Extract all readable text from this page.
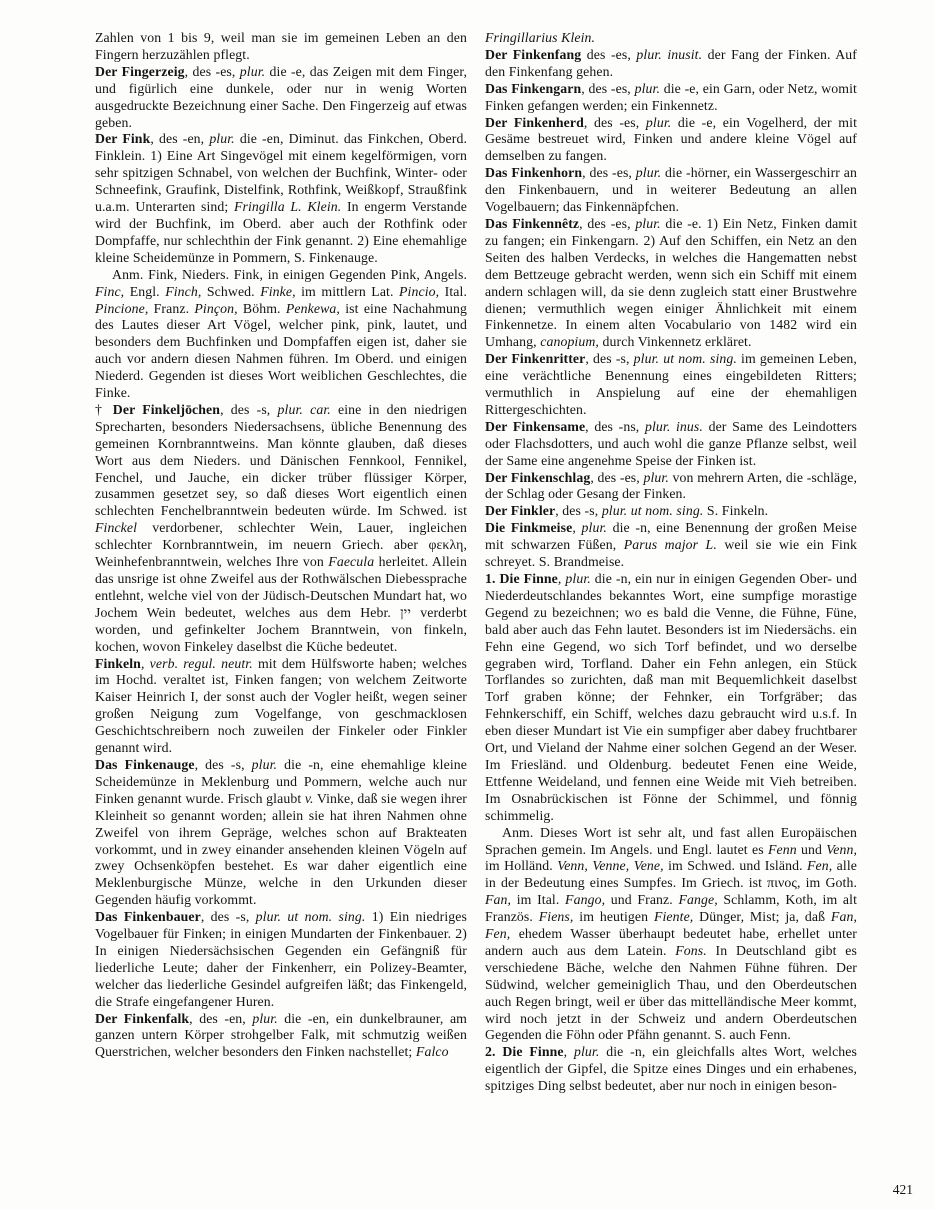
Zahlen von 1 bis 9, weil man sie im gemeinen Leben an den Fingern herzuzählen pflegt.

Der Fingerzeig, des -es, plur. die -e, das Zeigen mit dem Finger, und figürlich eine dunkele, oder nur in wenig Worten ausgedruckte Bezeichnung einer Sache. Den Fingerzeig auf etwas geben.

Der Fink, des -en, plur. die -en, Diminut. das Finkchen, Oberd. Finklein. 1) Eine Art Singevögel mit einem kegelförmigen, vorn sehr spitzigen Schnabel, von welchen der Buchfink, Winter- oder Schneefink, Graufink, Distelfink, Rothfink, Weißkopf, Straußfink u.a.m. Unterarten sind; Fringilla L. Klein. In engerm Verstande wird der Buchfink, im Oberd. aber auch der Rothfink oder Dompfaffe, nur schlechthin der Fink genannt. 2) Eine ehemahlige kleine Scheidemünze in Pommern, S. Finkenauge.

Anm. Fink, Nieders. Fink, in einigen Gegenden Pink, Angels. Finc, Engl. Finch, Schwed. Finke, im mittlern Lat. Pincio, Ital. Pincione, Franz. Pinçon, Böhm. Penkewa, ist eine Nachahmung des Lautes dieser Art Vögel, welcher pink, pink, lautet, und besonders dem Buchfinken und Dompfaffen eigen ist, daher sie auch vor andern diesen Nahmen führen. Im Oberd. und einigen Niederd. Gegenden ist dieses Wort weiblichen Geschlechtes, die Finke.

† Der Finkeljōchen, des -s, plur. car. eine in den niedrigen Sprecharten, besonders Niedersachsens, übliche Benennung des gemeinen Kornbranntweins. Man könnte glauben, daß dieses Wort aus dem Nieders. und Dänischen Fennkool, Fennikel, Fenchel, und Jauche, ein dicker trüber flüssiger Körper, zusammen gesetzet sey, so daß dieses Wort eigentlich einen schlechten Fenchelbranntwein bedeuten würde. Im Schwed. ist Finckel verdorbener, schlechter Wein, Lauer, ingleichen schlechter Kornbranntwein, im neuern Griech. aber φεκλη, Weinhefenbranntwein, welches Ihre von Faecula herleitet. Allein das unsrige ist ohne Zweifel aus der Rothwälschen Diebessprache entlehnt, welche viel von der Jüdisch-Deutschen Mundart hat, wo Jochem Wein bedeutet, welches aus dem Hebr. יין verderbt worden, und gefinkelter Jochem Branntwein, von finkeln, kochen, wovon Finkeley daselbst die Küche bedeutet.

Finkeln, verb. regul. neutr. mit dem Hülfsworte haben; welches im Hochd. veraltet ist, Finken fangen; von welchem Zeitworte Kaiser Heinrich I, der sonst auch der Vogler heißt, wegen seiner großen Neigung zum Vogelfange, von geschmacklosen Geschichtschreibern noch zuweilen der Finkeler oder Finkler genannt wird.

Das Finkenauge, des -s, plur. die -n, eine ehemahlige kleine Scheidemünze in Meklenburg und Pommern, welche auch nur Finken genannt wurde. Frisch glaubt v. Vinke, daß sie wegen ihrer Kleinheit so genannt worden; allein sie hat ihren Nahmen ohne Zweifel von ihrem Gepräge, welches schon auf Brakteaten vorkommt, und in zwey einander ansehenden kleinen Vögeln auf zwey Ochsenköpfen bestehet. Es war daher eigentlich eine Meklenburgische Münze, welche in den Urkunden dieser Gegenden häufig vorkommt.

Das Finkenbauer, des -s, plur. ut nom. sing. 1) Ein niedriges Vogelbauer für Finken; in einigen Mundarten der Finkenbauer. 2) In einigen Niedersächsischen Gegenden ein Gefängniß für liederliche Leute; daher der Finkenherr, ein Polizey-Beamter, welcher das liederliche Gesindel aufgreifen läßt; das Finkengeld, die Strafe eingefangener Huren.

Der Finkenfalk, des -en, plur. die -en, ein dunkelbrauner, am ganzen untern Körper strohgelber Falk, mit schmutzig weißen Querstrichen, welcher besonders den Finken nachstellet; Falco

Fringillarius Klein.

Der Finkenfang des -es, plur. inusit. der Fang der Finken. Auf den Finkenfang gehen.

Das Finkengarn, des -es, plur. die -e, ein Garn, oder Netz, womit Finken gefangen werden; ein Finkennetz.

Der Finkenherd, des -es, plur. die -e, ein Vogelherd, der mit Gesäme bestreuet wird, Finken und andere kleine Vögel auf demselben zu fangen.

Das Finkenhorn, des -es, plur. die -hörner, ein Wassergeschirr an den Finkenbauern, und in weiterer Bedeutung an allen Vogelbauern; das Finkennäpfchen.

Das Finkennêtz, des -es, plur. die -e. 1) Ein Netz, Finken damit zu fangen; ein Finkengarn. 2) Auf den Schiffen, ein Netz an den Seiten des halben Verdecks, in welches die Hangematten nebst dem Bettzeuge gebracht werden, wenn sich ein Schiff mit einem andern schlagen will, da sie denn zugleich statt einer Brustwehre dienen; vermuthlich wegen einiger Ähnlichkeit mit einem Finkennetze. In einem alten Vocabulario von 1482 wird ein Umhang, canopium, durch Vinkennetz erkläret.

Der Finkenritter, des -s, plur. ut nom. sing. im gemeinen Leben, eine verächtliche Benennung eines eingebildeten Ritters; vermuthlich in Anspielung auf eine der ehemahligen Rittergeschichten.

Der Finkensame, des -ns, plur. inus. der Same des Leindotters oder Flachsdotters, und auch wohl die ganze Pflanze selbst, weil der Same eine angenehme Speise der Finken ist.

Der Finkenschlag, des -es, plur. von mehrern Arten, die -schläge, der Schlag oder Gesang der Finken.

Der Finkler, des -s, plur. ut nom. sing. S. Finkeln.

Die Finkmeise, plur. die -n, eine Benennung der großen Meise mit schwarzen Füßen, Parus major L. weil sie wie ein Fink schreyet. S. Brandmeise.

1. Die Finne, plur. die -n, ein nur in einigen Gegenden Ober- und Niederdeutschlandes bekanntes Wort, eine sumpfige morastige Gegend zu bezeichnen; wo es bald die Venne, die Fühne, Füne, bald aber auch das Fehn lautet. Besonders ist im Niedersächs. ein Fehn eine Gegend, wo sich Torf befindet, und wo derselbe gegraben wird, Torfland. Daher ein Fehn anlegen, ein Stück Torflandes so zurichten, daß man mit Bequemlichkeit daselbst Torf graben könne; der Fehnker, ein Torfgräber; das Fehnkerschiff, ein Schiff, welches dazu gebraucht wird u.s.f. In eben dieser Mundart ist Vie ein sumpfiger aber dabey fruchtbarer Ort, und Vieland der Nahme einer solchen Gegend an der Weser. Im Friesländ. und Oldenburg. bedeutet Fenen eine Weide, Ettfenne Weideland, und fennen eine Weide mit Vieh betreiben. Im Osnabrückischen ist Fönne der Schimmel, und fönnig schimmelig.

Anm. Dieses Wort ist sehr alt, und fast allen Europäischen Sprachen gemein. Im Angels. und Engl. lautet es Fenn und Venn, im Holländ. Venn, Venne, Vene, im Schwed. und Isländ. Fen, alle in der Bedeutung eines Sumpfes. Im Griech. ist πινος, im Goth. Fan, im Ital. Fango, und Franz. Fange, Schlamm, Koth, im alt Französ. Fiens, im heutigen Fiente, Dünger, Mist; ja, daß Fan, Fen, ehedem Wasser überhaupt bedeutet habe, erhellet unter andern auch aus dem Latein. Fons. In Deutschland gibt es verschiedene Bäche, welche den Nahmen Fühne führen. Der Südwind, welcher gemeiniglich Thau, und den Oberdeutschen auch Regen bringt, weil er über das mittelländische Meer kommt, wird noch jetzt in der Schweiz und andern Oberdeutschen Gegenden die Föhn oder Pfähn genannt. S. auch Fenn.

2. Die Finne, plur. die -n, ein gleichfalls altes Wort, welches eigentlich der Gipfel, die Spitze eines Dinges und ein erhabenes, spitziges Ding selbst bedeutet, aber nur noch in einigen beson-

421
